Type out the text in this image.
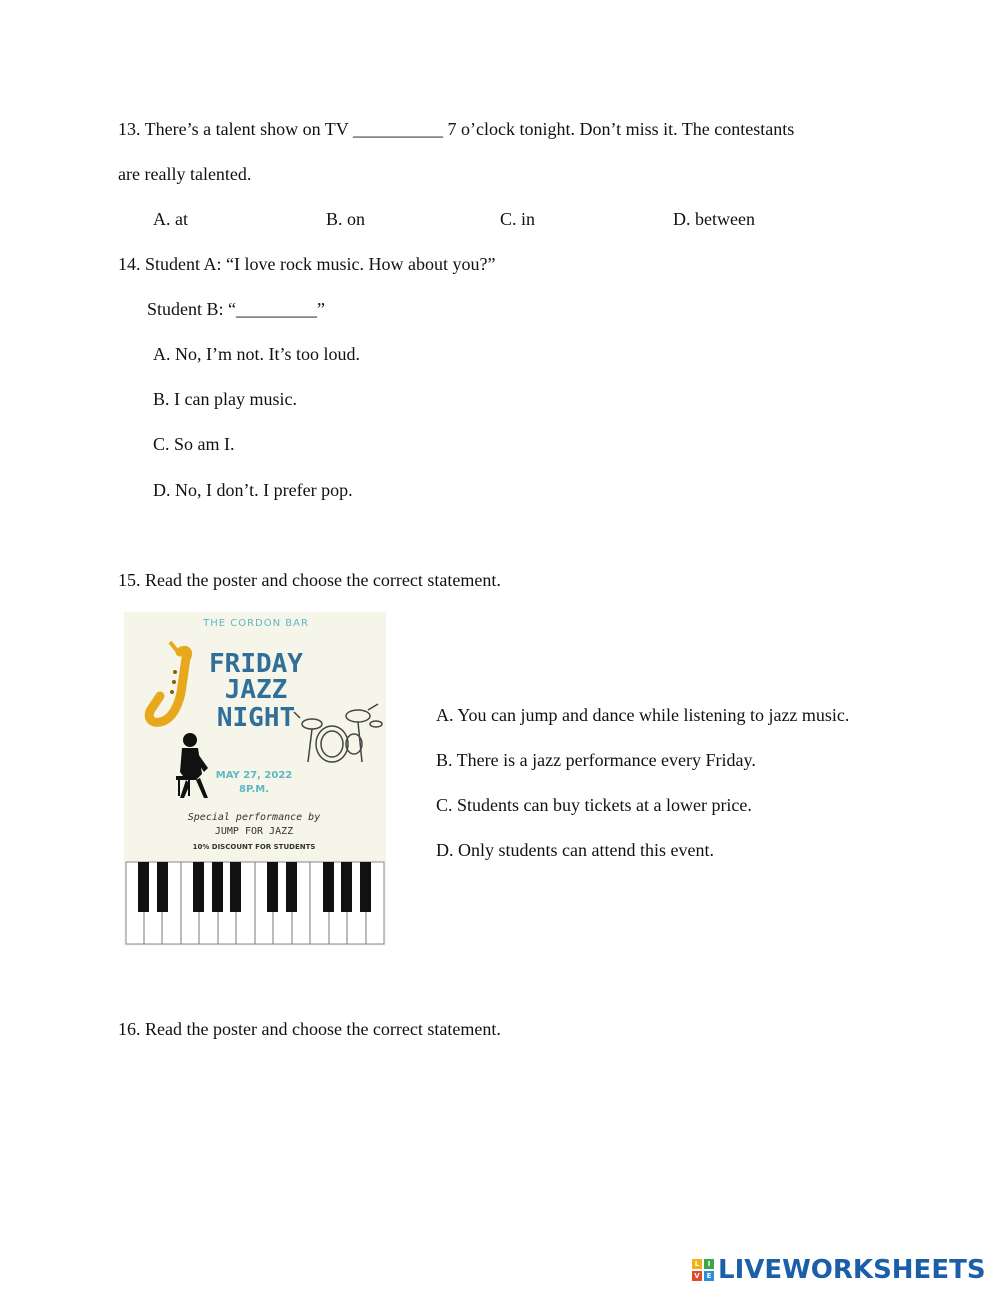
13. There’s a talent show on TV __________ 7 o’clock tonight. Don’t miss it. The contestants
are really talented.
A. at	B. on	C. in	D. between
14. Student A: “I love rock music. How about you?”
Student B: “_________”
A. No, I’m not. It’s too loud.
B. I can play music.
C. So am I.
D. No, I don’t. I prefer pop.
15. Read the poster and choose the correct statement.
THE CORDON BAR
FRIDAY
JAZZ
NIGHT
MAY 27, 2022
8P.M.
Special performance by
JUMP FOR JAZZ
10% DISCOUNT FOR STUDENTS
A. You can jump and dance while listening to jazz music.
B. There is a jazz performance every Friday.
C. Students can buy tickets at a lower price.
D. Only students can attend this event.
16. Read the poster and choose the correct statement.
L	I
V E LIVEWORKSHEETS
